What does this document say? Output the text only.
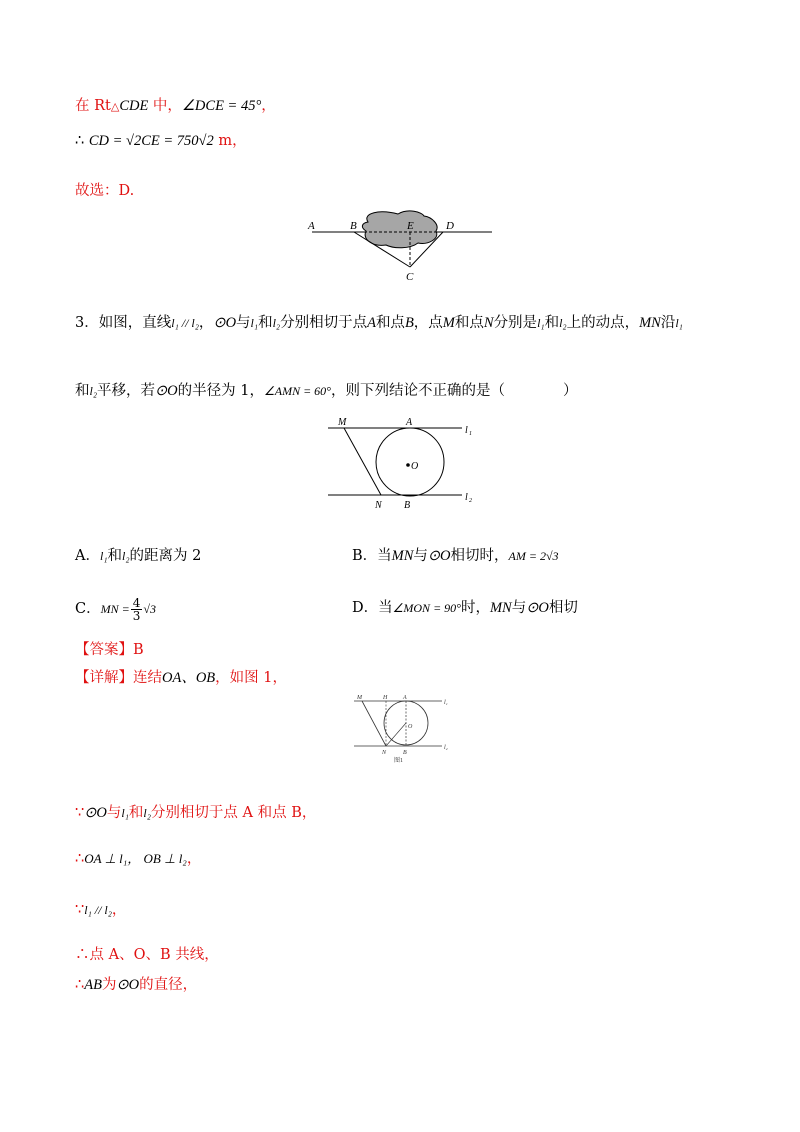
在 Rt△CDE 中，∠DCE = 45°，
∴ CD = √2CE = 750√2 m，
故选：D.
A	B	E	D
C
3．如图，直线l₁ // l₂，⊙O与l₁和l₂分别相切于点A和点B，点M和点N分别是l₁和l₂上的动点，MN沿l₁
和l₂平移，若⊙O的半径为 1，∠AMN = 60°，则下列结论不正确的是（　　　　）
M	A
l 1
O
N B
l 2
A．l₁和l₂的距离为 2	B．当MN与⊙O相切时，AM = 2√3
C．MN = $\frac{4}{3} √3$	D．当∠MON = 90°时，MN与⊙O相切
【答案】B
【详解】连结OA、OB，如图 1，
M	H	A
l₁
O
N	B
l₂
图1
∵⊙O与l₁和l₂分别相切于点 A 和点 B，
∴OA ⊥ l₁， OB ⊥ l₂，
∵l₁ // l₂，
∴点 A、O、B 共线，
∴AB为⊙O的直径，
